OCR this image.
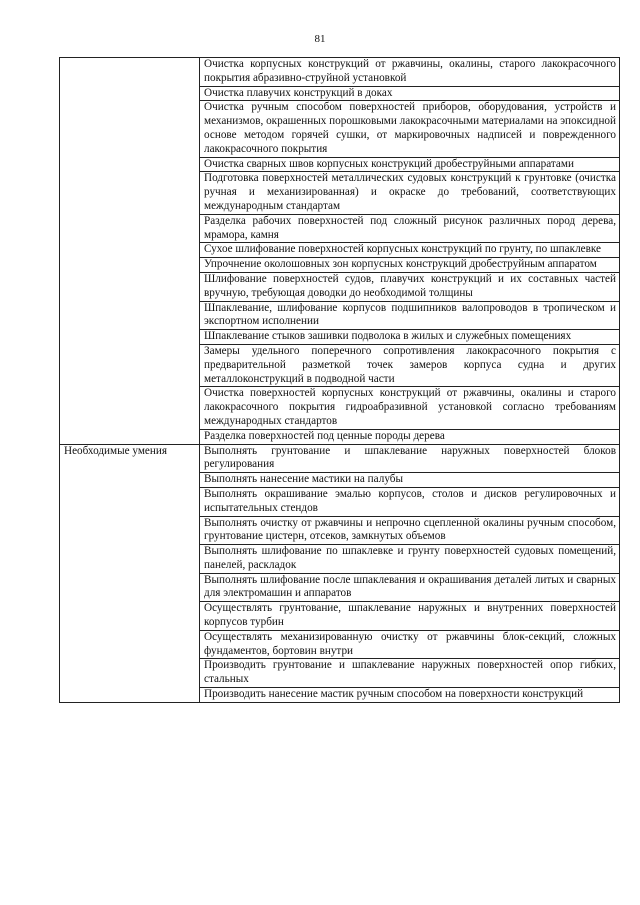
81
	Очистка корпусных конструкций от ржавчины, окалины, старого лакокрасочного покрытия абразивно-струйной установкой
	Очистка плавучих конструкций в доках
	Очистка ручным способом поверхностей приборов, оборудования, устройств и механизмов, окрашенных порошковыми лакокрасочными материалами на эпоксидной основе методом горячей сушки, от маркировочных надписей и поврежденного лакокрасочного покрытия
	Очистка сварных швов корпусных конструкций дробеструйными аппаратами
	Подготовка поверхностей металлических судовых конструкций к грунтовке (очистка ручная и механизированная) и окраске до требований, соответствующих международным стандартам
	Разделка рабочих поверхностей под сложный рисунок различных пород дерева, мрамора, камня
	Сухое шлифование поверхностей корпусных конструкций по грунту, по шпаклевке
	Упрочнение околошовных зон корпусных конструкций дробеструйным аппаратом
	Шлифование поверхностей судов, плавучих конструкций и их составных частей вручную, требующая доводки до необходимой толщины
	Шпаклевание, шлифование корпусов подшипников валопроводов в тропическом и экспортном исполнении
	Шпаклевание стыков зашивки подволока в жилых и служебных помещениях
	Замеры удельного поперечного сопротивления лакокрасочного покрытия с предварительной разметкой точек замеров корпуса судна и других металлоконструкций в подводной части
	Очистка поверхностей корпусных конструкций от ржавчины, окалины и старого лакокрасочного покрытия гидроабразивной установкой согласно требованиям международных стандартов
	Разделка поверхностей под ценные породы дерева
Необходимые умения	Выполнять грунтование и шпаклевание наружных поверхностей блоков регулирования
	Выполнять нанесение мастики на палубы
	Выполнять окрашивание эмалью корпусов, столов и дисков регулировочных и испытательных стендов
	Выполнять очистку от ржавчины и непрочно сцепленной окалины ручным способом, грунтование цистерн, отсеков, замкнутых объемов
	Выполнять шлифование по шпаклевке и грунту поверхностей судовых помещений, панелей, раскладок
	Выполнять шлифование после шпаклевания и окрашивания деталей литых и сварных для электромашин и аппаратов
	Осуществлять грунтование, шпаклевание наружных и внутренних поверхностей корпусов турбин
	Осуществлять механизированную очистку от ржавчины блок-секций, сложных фундаментов, бортовин внутри
	Производить грунтование и шпаклевание наружных поверхностей опор гибких, стальных
	Производить нанесение мастик ручным способом на поверхности конструкций
